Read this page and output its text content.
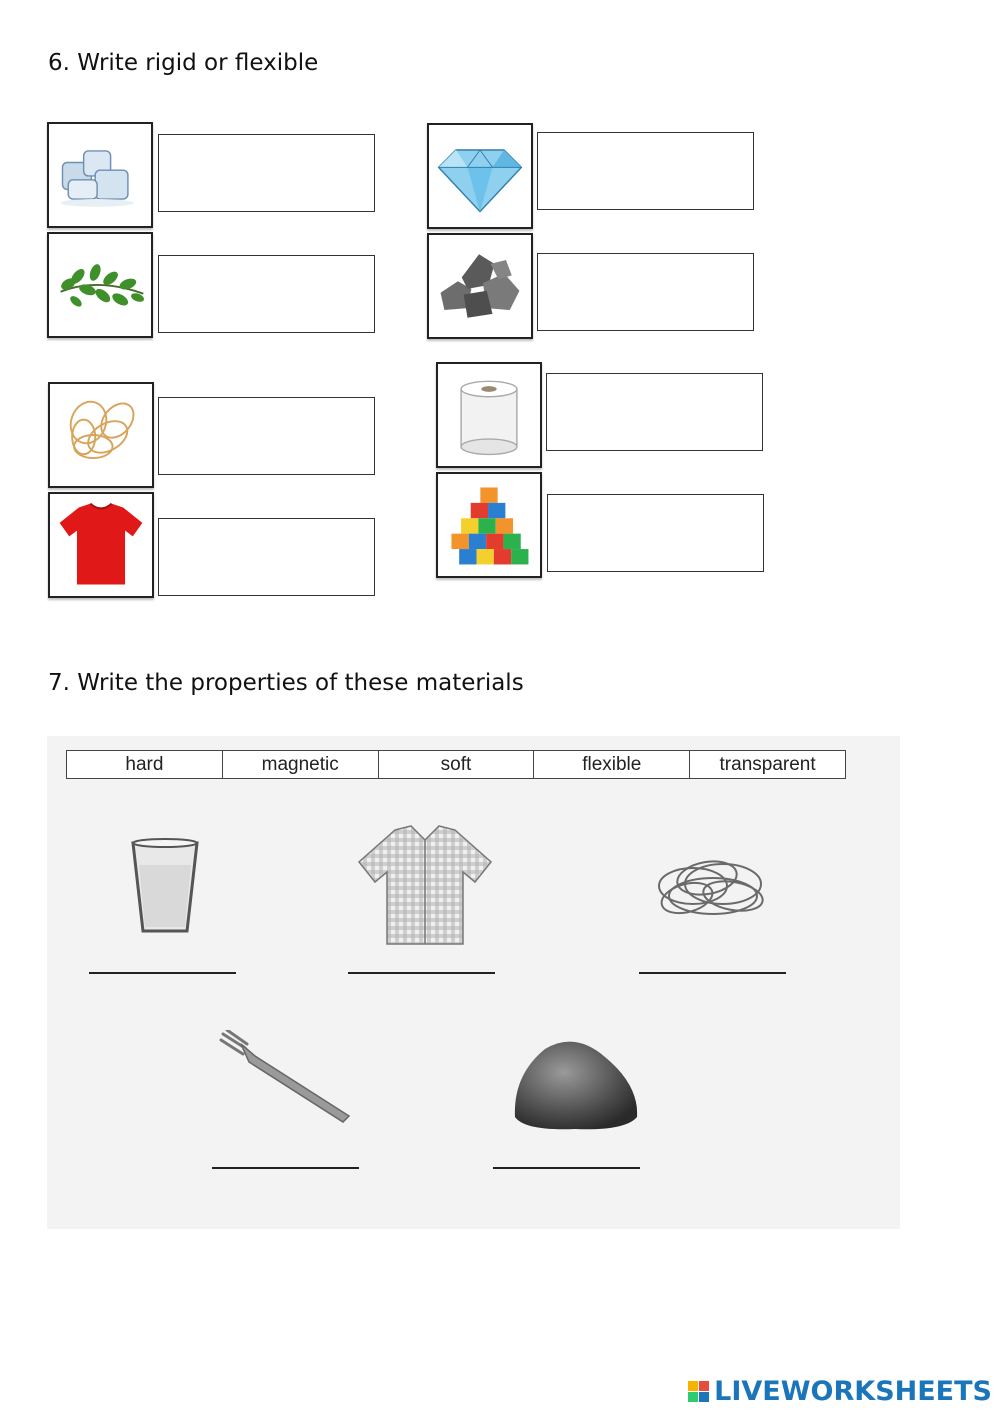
6. Write rigid or flexible
7. Write the properties of these materials
hard	magnetic	soft	flexible	transparent
LIVEWORKSHEETS
